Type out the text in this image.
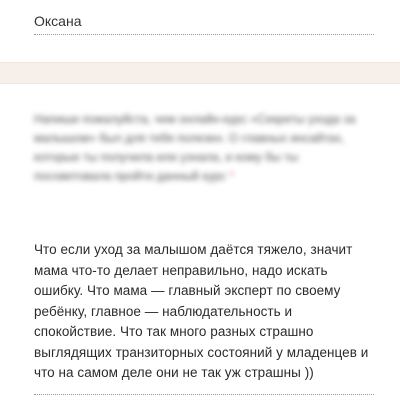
Оксана
Напиши пожалуйста, чем онлайн-курс «Секреты ухода за малышом» был для тебя полезен. О главных инсайтах, которые ты получила или узнала, и кому бы ты посоветовала пройти данный курс *
Что если уход за малышом даётся тяжело, значит мама что-то делает неправильно, надо искать ошибку. Что мама — главный эксперт по своему ребёнку, главное — наблюдательность и спокойствие. Что так много разных страшно выглядящих транзиторных состояний у младенцев и что на самом деле они не так уж страшны ))
